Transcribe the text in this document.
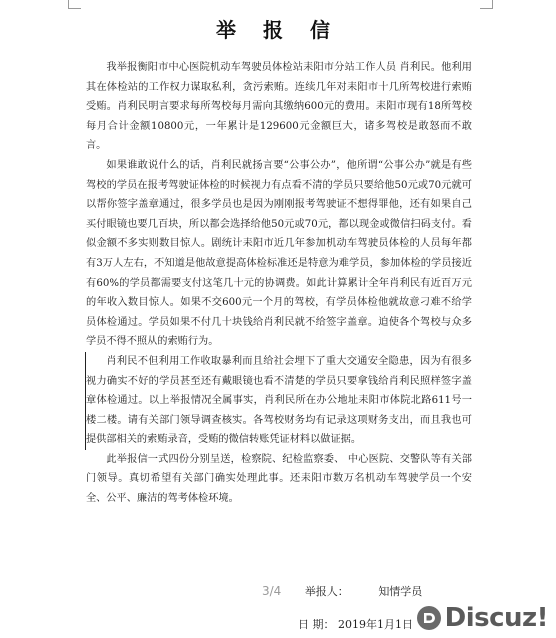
举 报 信

我举报衡阳市中心医院机动车驾驶员体检站耒阳市分站工作人员 肖利民。他利用其在体检站的工作权力谋取私利，贪污索贿。连续几年对耒阳市十几所驾校进行索贿受贿。肖利民明言要求每所驾校每月需向其缴纳600元的费用。耒阳市现有18所驾校每月合计金额10800元，一年累计是129600元金额巨大，诸多驾校是敢怒而不敢言。

如果谁敢说什么的话，肖利民就扬言要“公事公办”，他所谓“公事公办”就是有些驾校的学员在报考驾驶证体检的时候视力有点看不清的学员只要给他50元或70元就可以帮你签字盖章通过，很多学员也是因为刚刚报考驾驶证不想得罪他，还有如果自己买付眼镜也要几百块，所以都会选择给他50元或70元，都以现金或微信扫码支付。看似金额不多实则数目惊人。剧统计耒阳市近几年参加机动车驾驶员体检的人员每年都有3万人左右，不知道是他故意提高体检标准还是特意为难学员，参加体检的学员接近有60%的学员都需要支付这笔几十元的协调费。如此计算累计全年肖利民有近百万元的年收入数目惊人。如果不交600元一个月的驾校，有学员体检他就故意刁难不给学员体检通过。学员如果不付几十块钱给肖利民就不给签字盖章。迫使各个驾校与众多学员不得不照从的索贿行为。

肖利民不但利用工作收取暴利而且给社会埋下了重大交通安全隐患，因为有很多视力确实不好的学员甚至还有戴眼镜也看不清楚的学员只要拿钱给肖利民照样签字盖章体检通过。以上举报情况全属事实，肖利民所在办公地址耒阳市体院北路611号一楼二楼。请有关部门领导调查核实。各驾校财务均有记录这项财务支出，而且我也可提供部相关的索贿录音，受贿的微信转账凭证材料以做证据。

此举报信一式四份分别呈送，检察院、纪检监察委、 中心医院、交警队等有关部门领导。真切希望有关部门确实处理此事。还耒阳市数万名机动车驾驶学员一个安全、公平、廉洁的驾考体检环境。

3/4 举报人：	知情学员
日 期： 2019年1月1日 Discuz!
